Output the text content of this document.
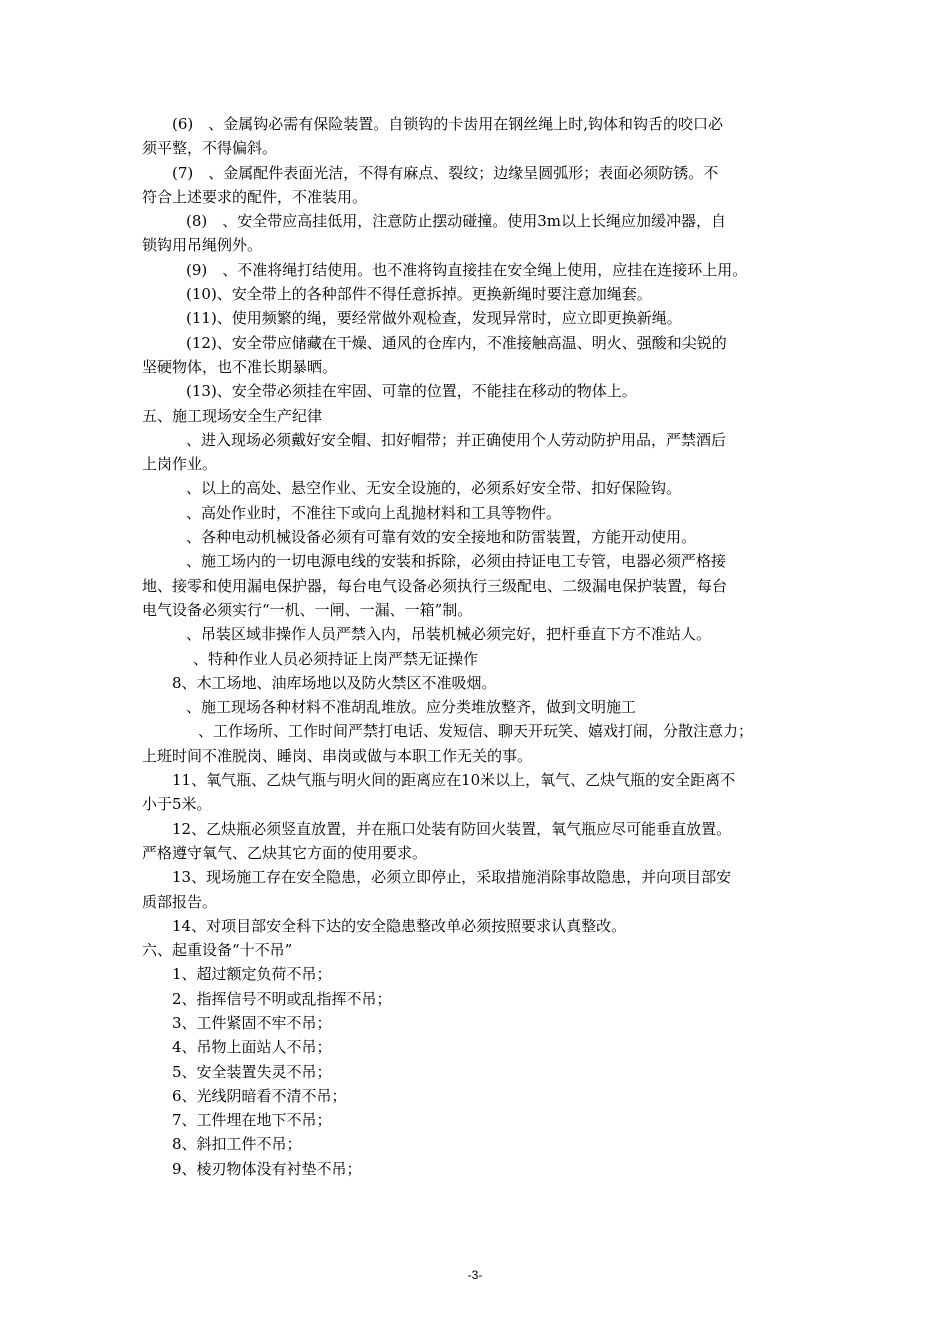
(6)　、金属钩必需有保险装置。自锁钩的卡齿用在钢丝绳上时,钩体和钩舌的咬口必
须平整，不得偏斜。
(7)　、金属配件表面光洁，不得有麻点、裂纹；边缘呈圆弧形；表面必须防锈。不
符合上述要求的配件，不准装用。
(8)　、安全带应高挂低用，注意防止摆动碰撞。使用3m以上长绳应加缓冲器，自
锁钩用吊绳例外。
(9)　、不准将绳打结使用。也不准将钩直接挂在安全绳上使用，应挂在连接环上用。
(10)、安全带上的各种部件不得任意拆掉。更换新绳时要注意加绳套。
(11)、使用频繁的绳，要经常做外观检查，发现异常时，应立即更换新绳。
(12)、安全带应储藏在干燥、通风的仓库内，不准接触高温、明火、强酸和尖锐的
坚硬物体，也不准长期暴晒。
(13)、安全带必须挂在牢固、可靠的位置，不能挂在移动的物体上。
五、施工现场安全生产纪律
、进入现场必须戴好安全帽、扣好帽带；并正确使用个人劳动防护用品，严禁酒后
上岗作业。
、以上的高处、悬空作业、无安全设施的，必须系好安全带、扣好保险钩。
、高处作业时，不准往下或向上乱抛材料和工具等物件。
、各种电动机械设备必须有可靠有效的安全接地和防雷装置，方能开动使用。
、施工场内的一切电源电线的安装和拆除，必须由持证电工专管，电器必须严格接
地、接零和使用漏电保护器，每台电气设备必须执行三级配电、二级漏电保护装置，每台
电气设备必须实行“一机、一闸、一漏、一箱”制。
、吊装区域非操作人员严禁入内，吊装机械必须完好，把杆垂直下方不准站人。
、特种作业人员必须持证上岗严禁无证操作
8、木工场地、油库场地以及防火禁区不准吸烟。
、施工现场各种材料不准胡乱堆放。应分类堆放整齐，做到文明施工
、工作场所、工作时间严禁打电话、发短信、聊天开玩笑、嬉戏打闹，分散注意力；
上班时间不准脱岗、睡岗、串岗或做与本职工作无关的事。
11、氧气瓶、乙炔气瓶与明火间的距离应在10米以上，氧气、乙炔气瓶的安全距离不
小于5米。
12、乙炔瓶必须竖直放置，并在瓶口处装有防回火装置，氧气瓶应尽可能垂直放置。
严格遵守氧气、乙炔其它方面的使用要求。
13、现场施工存在安全隐患，必须立即停止，采取措施消除事故隐患，并向项目部安
质部报告。
14、对项目部安全科下达的安全隐患整改单必须按照要求认真整改。
六、起重设备“十不吊”
1、超过额定负荷不吊；
2、指挥信号不明或乱指挥不吊；
3、工件紧固不牢不吊；
4、吊物上面站人不吊；
5、安全装置失灵不吊；
6、光线阴暗看不清不吊；
7、工件埋在地下不吊；
8、斜扣工件不吊；
9、棱刃物体没有衬垫不吊；
-3-
